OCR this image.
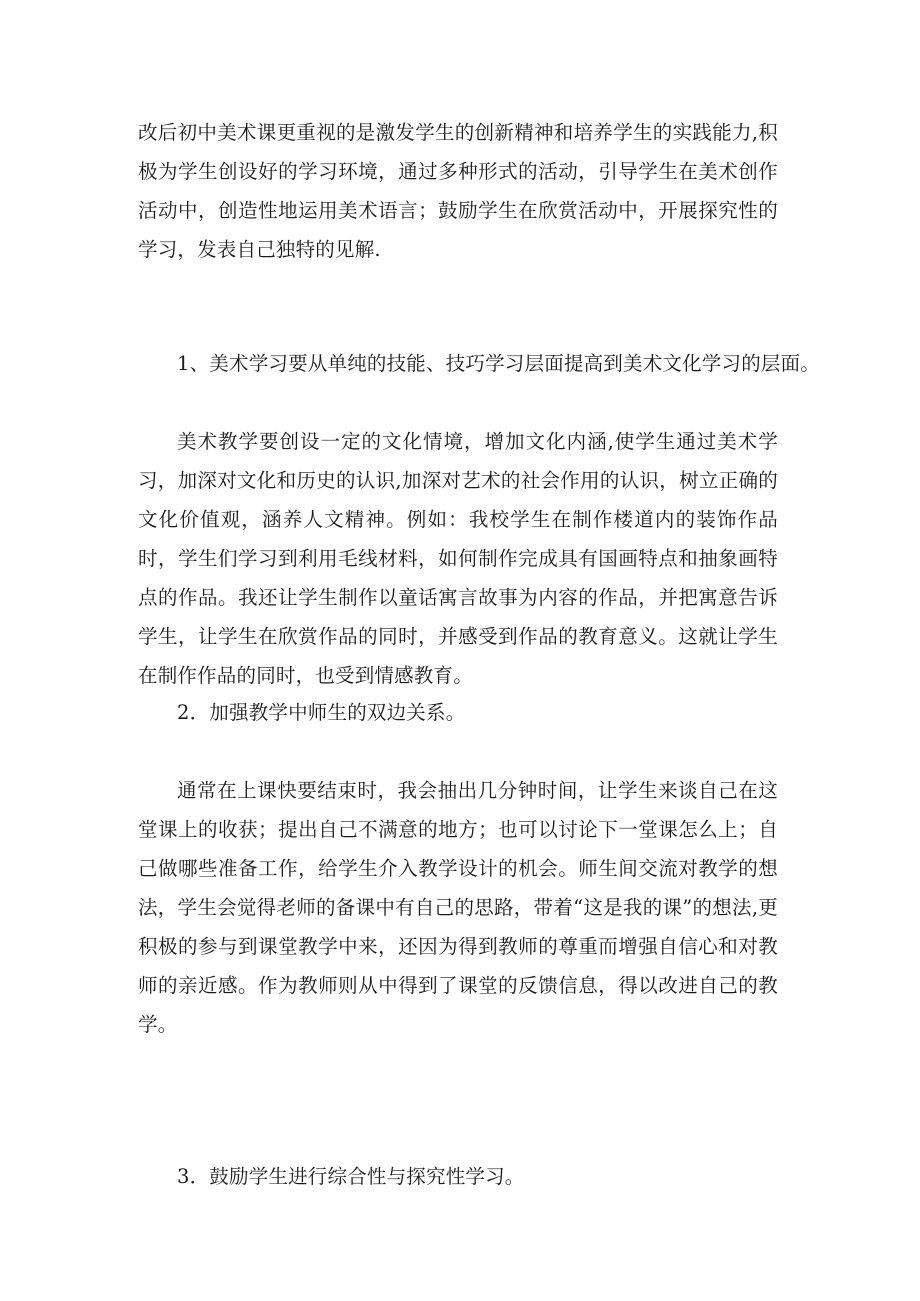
改后初中美术课更重视的是激发学生的创新精神和培养学生的实践能力,积极为学生创设好的学习环境，通过多种形式的活动，引导学生在美术创作活动中，创造性地运用美术语言；鼓励学生在欣赏活动中，开展探究性的学习，发表自己独特的见解.

1、美术学习要从单纯的技能、技巧学习层面提高到美术文化学习的层面。

美术教学要创设一定的文化情境，增加文化内涵,使学生通过美术学习，加深对文化和历史的认识,加深对艺术的社会作用的认识，树立正确的文化价值观，涵养人文精神。例如：我校学生在制作楼道内的装饰作品时，学生们学习到利用毛线材料，如何制作完成具有国画特点和抽象画特点的作品。我还让学生制作以童话寓言故事为内容的作品，并把寓意告诉学生，让学生在欣赏作品的同时，并感受到作品的教育意义。这就让学生在制作作品的同时，也受到情感教育。

2．加强教学中师生的双边关系。

通常在上课快要结束时，我会抽出几分钟时间，让学生来谈自己在这堂课上的收获；提出自己不满意的地方；也可以讨论下一堂课怎么上；自己做哪些准备工作，给学生介入教学设计的机会。师生间交流对教学的想法，学生会觉得老师的备课中有自己的思路，带着“这是我的课”的想法,更积极的参与到课堂教学中来，还因为得到教师的尊重而增强自信心和对教师的亲近感。作为教师则从中得到了课堂的反馈信息，得以改进自己的教学。

3．鼓励学生进行综合性与探究性学习。
